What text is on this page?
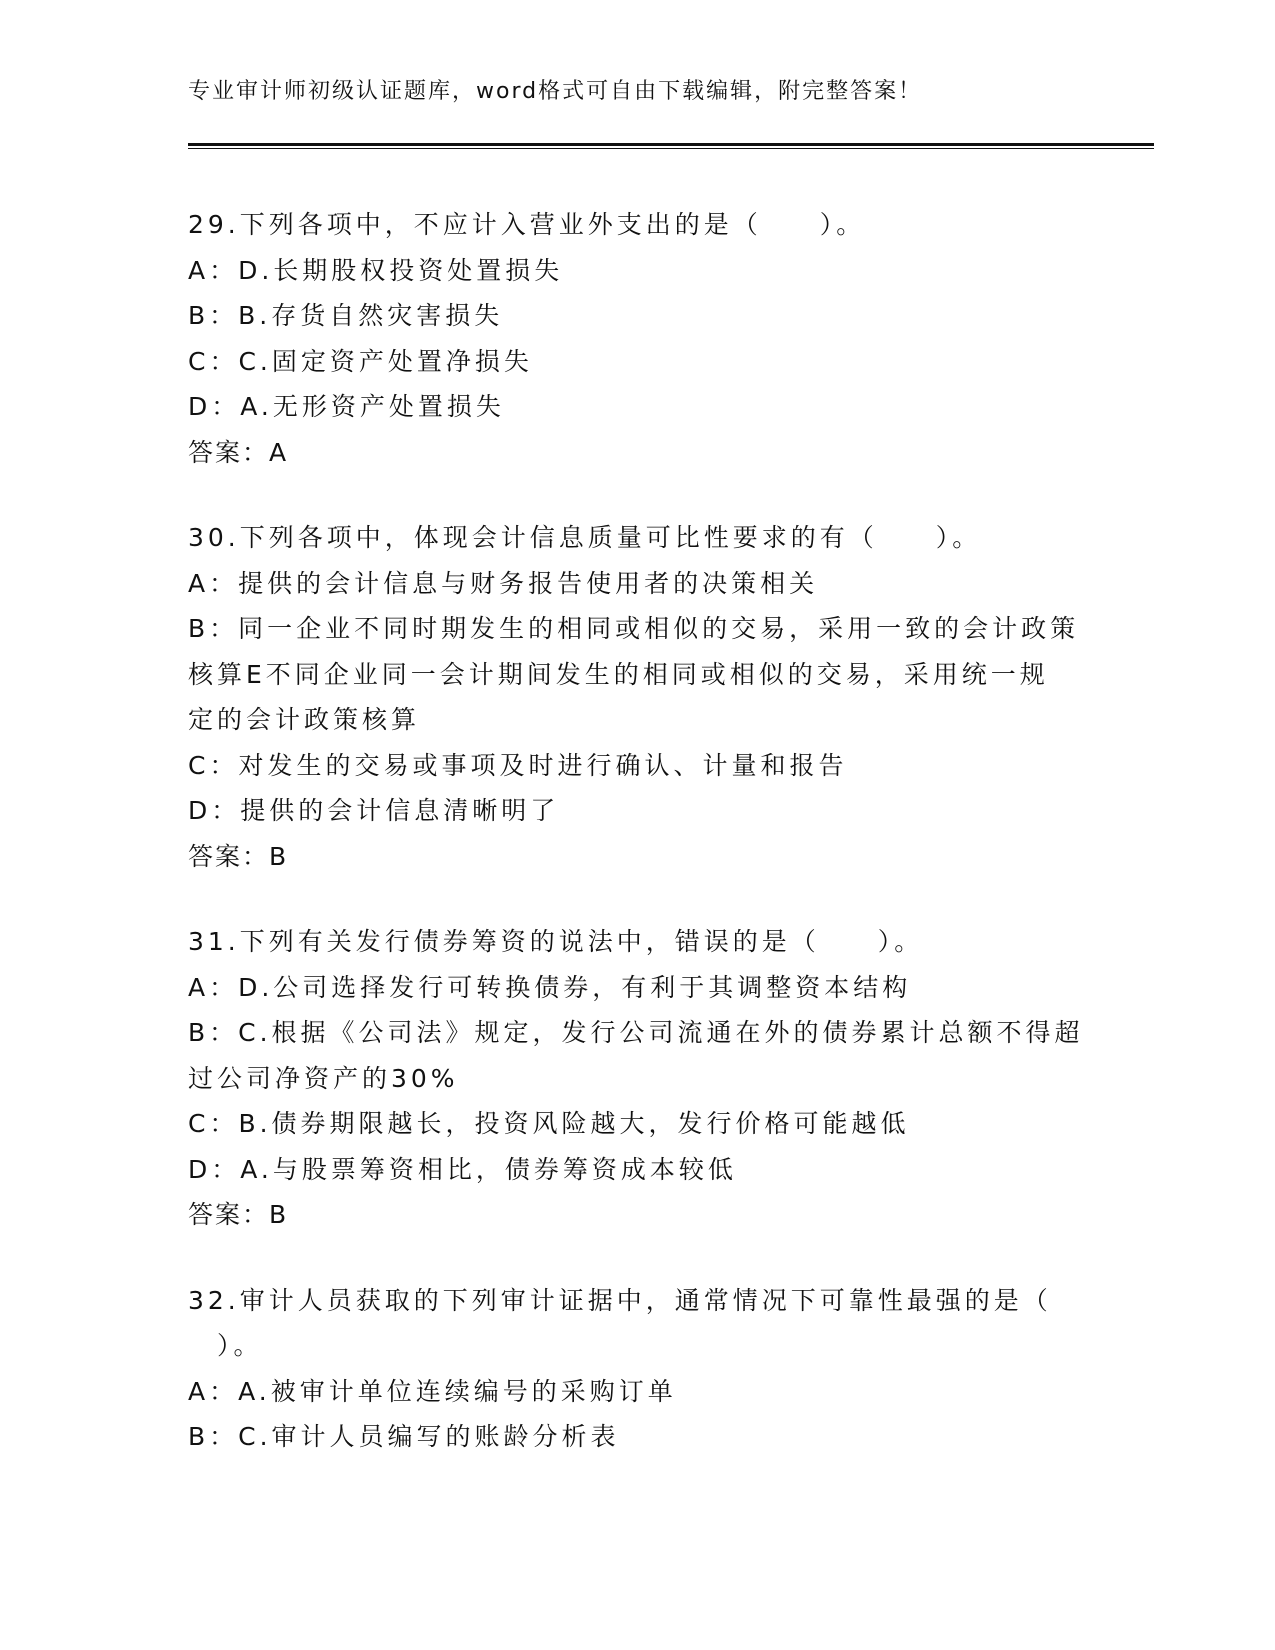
专业审计师初级认证题库，word格式可自由下载编辑，附完整答案！
29.下列各项中，不应计入营业外支出的是（　　）。
A：D.长期股权投资处置损失
B：B.存货自然灾害损失
C：C.固定资产处置净损失
D：A.无形资产处置损失
答案：A
30.下列各项中，体现会计信息质量可比性要求的有（　　）。
A：提供的会计信息与财务报告使用者的决策相关
B：同一企业不同时期发生的相同或相似的交易，采用一致的会计政策
核算E不同企业同一会计期间发生的相同或相似的交易，采用统一规
定的会计政策核算
C：对发生的交易或事项及时进行确认、计量和报告
D：提供的会计信息清晰明了
答案：B
31.下列有关发行债券筹资的说法中，错误的是（　　）。
A：D.公司选择发行可转换债券，有利于其调整资本结构
B：C.根据《公司法》规定，发行公司流通在外的债券累计总额不得超
过公司净资产的30%
C：B.债券期限越长，投资风险越大，发行价格可能越低
D：A.与股票筹资相比，债券筹资成本较低
答案：B
32.审计人员获取的下列审计证据中，通常情况下可靠性最强的是（
　）。
A：A.被审计单位连续编号的采购订单
B：C.审计人员编写的账龄分析表
